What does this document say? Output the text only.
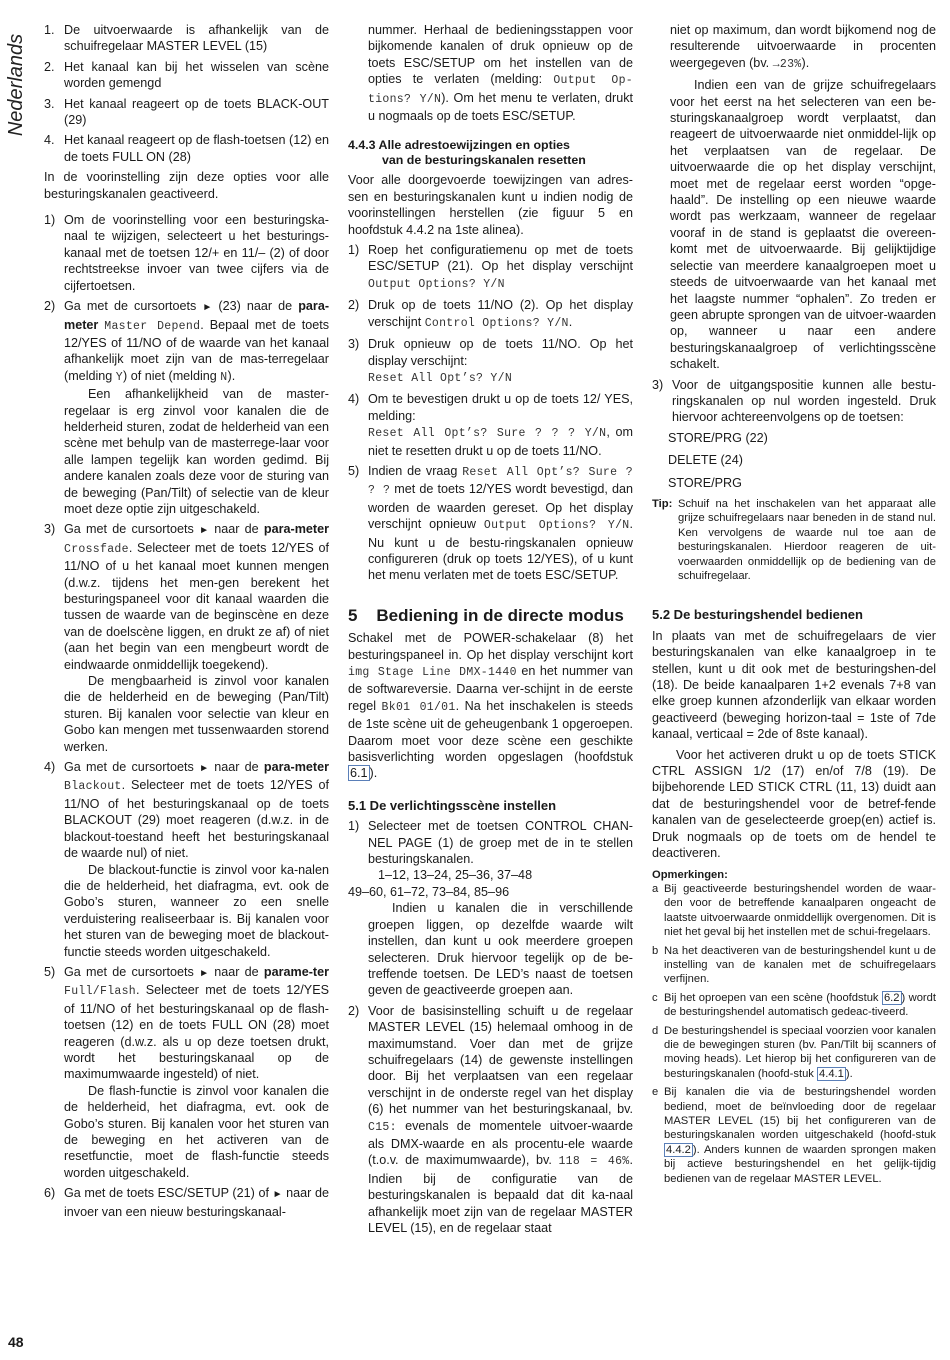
Nederlands
48
1. De uitvoerwaarde is afhankelijk van de schuifregelaar MASTER LEVEL (15)
2. Het kanaal kan bij het wisselen van scène worden gemengd
3. Het kanaal reageert op de toets BLACK-OUT (29)
4. Het kanaal reageert op de flash-toetsen (12) en de toets FULL ON (28)

In de voorinstelling zijn deze opties voor alle besturingskanalen geactiveerd.

1) Om de voorinstelling voor een besturingska-naal te wijzigen, selecteert u het besturings-kanaal met de toetsen 12/+ en 11/– (2) of door rechtstreekse invoer van twee cijfers via de cijfertoetsen.
2) Ga met de cursortoets ► (23) naar de para-meter Master Depend. Bepaal met de toets 12/YES of 11/NO of de waarde van het kanaal afhankelijk moet zijn van de mas-terregelaar (melding Y) of niet (melding N).

Een afhankelijkheid van de master-regelaar is erg zinvol voor kanalen die de helderheid sturen, zodat de helderheid van een scène met behulp van de masterrege-laar voor alle lampen tegelijk kan worden gedimd. Bij andere kanalen zoals deze voor de sturing van de beweging (Pan/Tilt) of selectie van de kleur moet deze optie zijn uitgeschakeld.

3) Ga met de cursortoets ► naar de para-meter Crossfade. Selecteer met de toets 12/YES of 11/NO of u het kanaal moet kunnen mengen (d.w.z. tijdens het men-gen berekent het besturingspaneel voor dit kanaal waarden die tussen de waarde van de beginscène en deze van de doelscène liggen, en drukt ze af) of niet (aan het begin van een mengbeurt wordt de eindwaarde onmiddellijk toegekend).

De mengbaarheid is zinvol voor kanalen die de helderheid en de beweging (Pan/Tilt) sturen. Bij kanalen voor selectie van kleur en Gobo kan mengen met tussenwaarden storend werken.

4) Ga met de cursortoets ► naar de para-meter Blackout. Selecteer met de toets 12/YES of 11/NO of het besturingskanaal op de toets BLACKOUT (29) moet reageren (d.w.z. in de blackout-toestand heeft het besturingskanaal de waarde nul) of niet.

De blackout-functie is zinvol voor ka-nalen die de helderheid, het diafragma, evt. ook de Gobo’s sturen, wanneer zo een snelle verduistering realiseerbaar is. Bij kanalen voor het sturen van de beweging moet de blackout-functie steeds worden uitgeschakeld.

5) Ga met de cursortoets ► naar de parame-ter Full/Flash. Selecteer met de toets 12/YES of 11/NO of het besturingskanaal op de flash-toetsen (12) en de toets FULL ON (28) moet reageren (d.w.z. als u op deze toetsen drukt, wordt het besturingskanaal op de maximumwaarde ingesteld) of niet.

De flash-functie is zinvol voor kanalen die de helderheid, het diafragma, evt. ook de Gobo’s sturen. Bij kanalen voor het sturen van de beweging en het activeren van de resetfunctie, moet de flash-functie steeds worden uitgeschakeld.

6) Ga met de toets ESC/SETUP (21) of ► naar de invoer van een nieuw besturingskanaal-

nummer. Herhaal de bedieningsstappen voor bijkomende kanalen of druk opnieuw op de toets ESC/SETUP om het instellen van de opties te verlaten (melding: Output Op-tions? Y/N). Om het menu te verlaten, drukt u nogmaals op de toets ESC/SETUP.

4.4.3 Alle adrestoewijzingen en opties
van de besturingskanalen resetten

Voor alle doorgevoerde toewijzingen van adres-sen en besturingskanalen kunt u indien nodig de voorinstellingen herstellen (zie figuur 5 en hoofdstuk 4.4.2 na 1ste alinea).

1) Roep het configuratiemenu op met de toets ESC/SETUP (21). Op het display verschijnt Output Options? Y/N
2) Druk op de toets 11/NO (2). Op het display verschijnt Control Options? Y/N.
3) Druk opnieuw op de toets 11/NO. Op het display verschijnt:
Reset All Opt’s? Y/N
4) Om te bevestigen drukt u op de toets 12/ YES, melding:
Reset All Opt’s? Sure ? ? ? Y/N, om niet te resetten drukt u op de toets 11/NO.
5) Indien de vraag Reset All Opt’s? Sure ? ? ? met de toets 12/YES wordt bevestigd, dan worden de waarden gereset. Op het display verschijnt opnieuw Output Options? Y/N. Nu kunt u de bestu-ringskanalen opnieuw configureren (druk op toets 12/YES), of u kunt het menu verlaten met de toets ESC/SETUP.
5    Bediening in de directe modus

Schakel met de POWER-schakelaar (8) het besturingspaneel in. Op het display verschijnt kort img Stage Line DMX-1440 en het nummer van de softwareversie. Daarna ver-schijnt in de eerste regel Bk01 01/01. Na het inschakelen is steeds de 1ste scène uit de geheugenbank 1 opgeroepen. Daarom moet voor deze scène een geschikte basisverlichting worden opgeslagen (hoofdstuk 6.1 ).

5.1 De verlichtingsscène instellen
1) Selecteer met de toetsen CONTROL CHAN-NEL PAGE (1) de groep met de in te stellen besturingskanalen.
1–12, 13–24, 25–36, 37–48
49–60, 61–72, 73–84, 85–96

Indien u kanalen die in verschillende groepen liggen, op dezelfde waarde wilt instellen, dan kunt u ook meerdere groepen selecteren. Druk hiervoor tegelijk op de be-treffende toetsen. De LED’s naast de toetsen geven de geactiveerde groepen aan.

2) Voor de basisinstelling schuift u de regelaar MASTER LEVEL (15) helemaal omhoog in de maximumstand. Voer dan met de grijze schuifregelaars (14) de gewenste instellingen door. Bij het verplaatsen van een regelaar verschijnt in de onderste regel van het display (6) het nummer van het besturingskanaal, bv. C15: evenals de momentele uitvoer-waarde als DMX-waarde en als procentu-ele waarde (t.o.v. de maximumwaarde), bv. 118 = 46%. Indien bij de configuratie van de besturingskanalen is bepaald dat dit ka-naal afhankelijk moet zijn van de regelaar MASTER LEVEL (15), en de regelaar staat

niet op maximum, dan wordt bijkomend nog de resulterende uitvoerwaarde in procenten weergegeven (bv. →23%).

Indien een van de grijze schuifregelaars voor het eerst na het selecteren van een be-sturingskanaalgroep wordt verplaatst, dan reageert de uitvoerwaarde niet onmiddel-lijk op het verplaatsen van de regelaar. De uitvoerwaarde die op het display verschijnt, moet met de regelaar eerst worden “opge-haald”. De instelling op een nieuwe waarde wordt pas werkzaam, wanneer de regelaar vooraf in de stand is geplaatst die overeen-komt met de uitvoerwaarde. Bij gelijktijdige selectie van meerdere kanaalgroepen moet u steeds de uitvoerwaarde van het kanaal met het laagste nummer “ophalen”. Zo treden er geen abrupte sprongen van de uitvoer-waarden op, wanneer u naar een andere besturingskanaalgroep of verlichtingsscène schakelt.

3) Voor de uitgangspositie kunnen alle bestu-ringskanalen op nul worden ingesteld. Druk hiervoor achtereenvolgens op de toetsen:
STORE/PRG (22)
DELETE (24)
STORE/PRG
Tip: Schuif na het inschakelen van het apparaat alle grijze schuifregelaars naar beneden in de stand nul. Ken vervolgens de waarde nul toe aan de besturingskanalen. Hierdoor reageren de uit-voerwaarden onmiddellijk op de bediening van de schuifregelaar.
5.2 De besturingshendel bedienen

In plaats van met de schuifregelaars de vier besturingskanalen van elke kanaalgroep in te stellen, kunt u dit ook met de besturingshen-del (18). De beide kanaalparen 1+2 evenals 7+8 van elke groep kunnen afzonderlijk van elkaar worden geactiveerd (beweging horizon-taal = 1ste of 7de kanaal, verticaal = 2de of 8ste kanaal).

Voor het activeren drukt u op de toets STICK CTRL ASSIGN 1/2 (17) en/of 7/8 (19). De bijbehorende LED STICK CTRL (11, 13) duidt aan dat de besturingshendel voor de betref-fende kanalen van de geselecteerde groep(en) actief is. Druk nogmaals op de toets om de hendel te deactiveren.

Opmerkingen:
a Bij geactiveerde besturingshendel worden de waar-den voor de betreffende kanaalparen ongeacht de laatste uitvoerwaarde onmiddellijk overgenomen. Dit is niet het geval bij het instellen met de schui-fregelaars.
b Na het deactiveren van de besturingshendel kunt u de instelling van de kanalen met de schuifregelaars verfijnen.
c Bij het oproepen van een scène (hoofdstuk 6.2 ) wordt de besturingshendel automatisch gedeac-tiveerd.
d De besturingshendel is speciaal voorzien voor kanalen die de bewegingen sturen (bv. Pan/Tilt bij scanners of moving heads). Let hierop bij het configureren van de besturingskanalen (hoofd-stuk 4.4.1 ).
e Bij kanalen die via de besturingshendel worden bediend, moet de beïnvloeding door de regelaar MASTER LEVEL (15) bij het configureren van de besturingskanalen worden uitgeschakeld (hoofd-stuk 4.4.2 ). Anders kunnen de waarden sprongen maken bij actieve besturingshendel en het gelijk-tijdig bedienen van de regelaar MASTER LEVEL.
